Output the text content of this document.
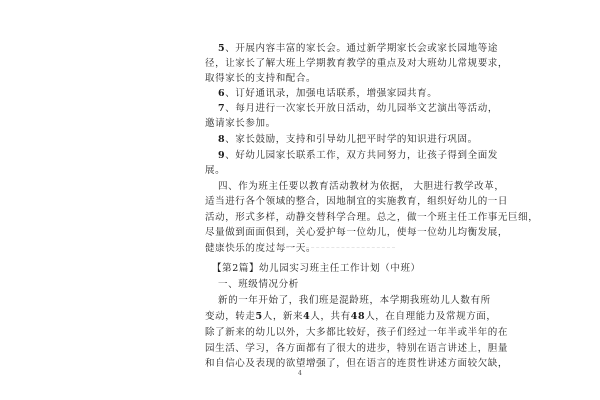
5、开展内容丰富的家长会。通过新学期家长会或家长园地等途
径，让家长了解大班上学期教育教学的重点及对大班幼儿常规要求，
取得家长的支持和配合。
6、订好通讯录，加强电话联系，增强家园共育。
7、每月进行一次家长开放日活动，幼儿园举文艺演出等活动，
邀请家长参加。
8、家长鼓励，支持和引导幼儿把平时学的知识进行巩固。
9、好幼儿园家长联系工作，双方共同努力，让孩子得到全面发
展。
四、作为班主任要以教育活动教材为依据， 大胆进行教学改革，
适当进行各个领域的整合，因地制宜的实施教育，组织好幼儿的一日
活动，形式多样，动静交替科学合理。总之，做一个班主任工作事无巨细，
尽量做到面面俱到，关心爱护每一位幼儿，使每一位幼儿均衡发展，
健康快乐的度过每一天。
【第2篇】幼儿园实习班主任工作计划（中班）
一、班级情况分析
新的一年开始了，我们班是混龄班，本学期我班幼儿人数有所
变动，转走5人，新来4人，共有48人，在自理能力及常规方面，
除了新来的幼儿以外，大多都比较好，孩子们经过一年半或半年的在
园生活、学习，各方面都有了很大的进步，特别在语言讲述上，胆量
和自信心及表现的欲望增强了，但在语言的连贯性讲述方面较欠缺，
4
